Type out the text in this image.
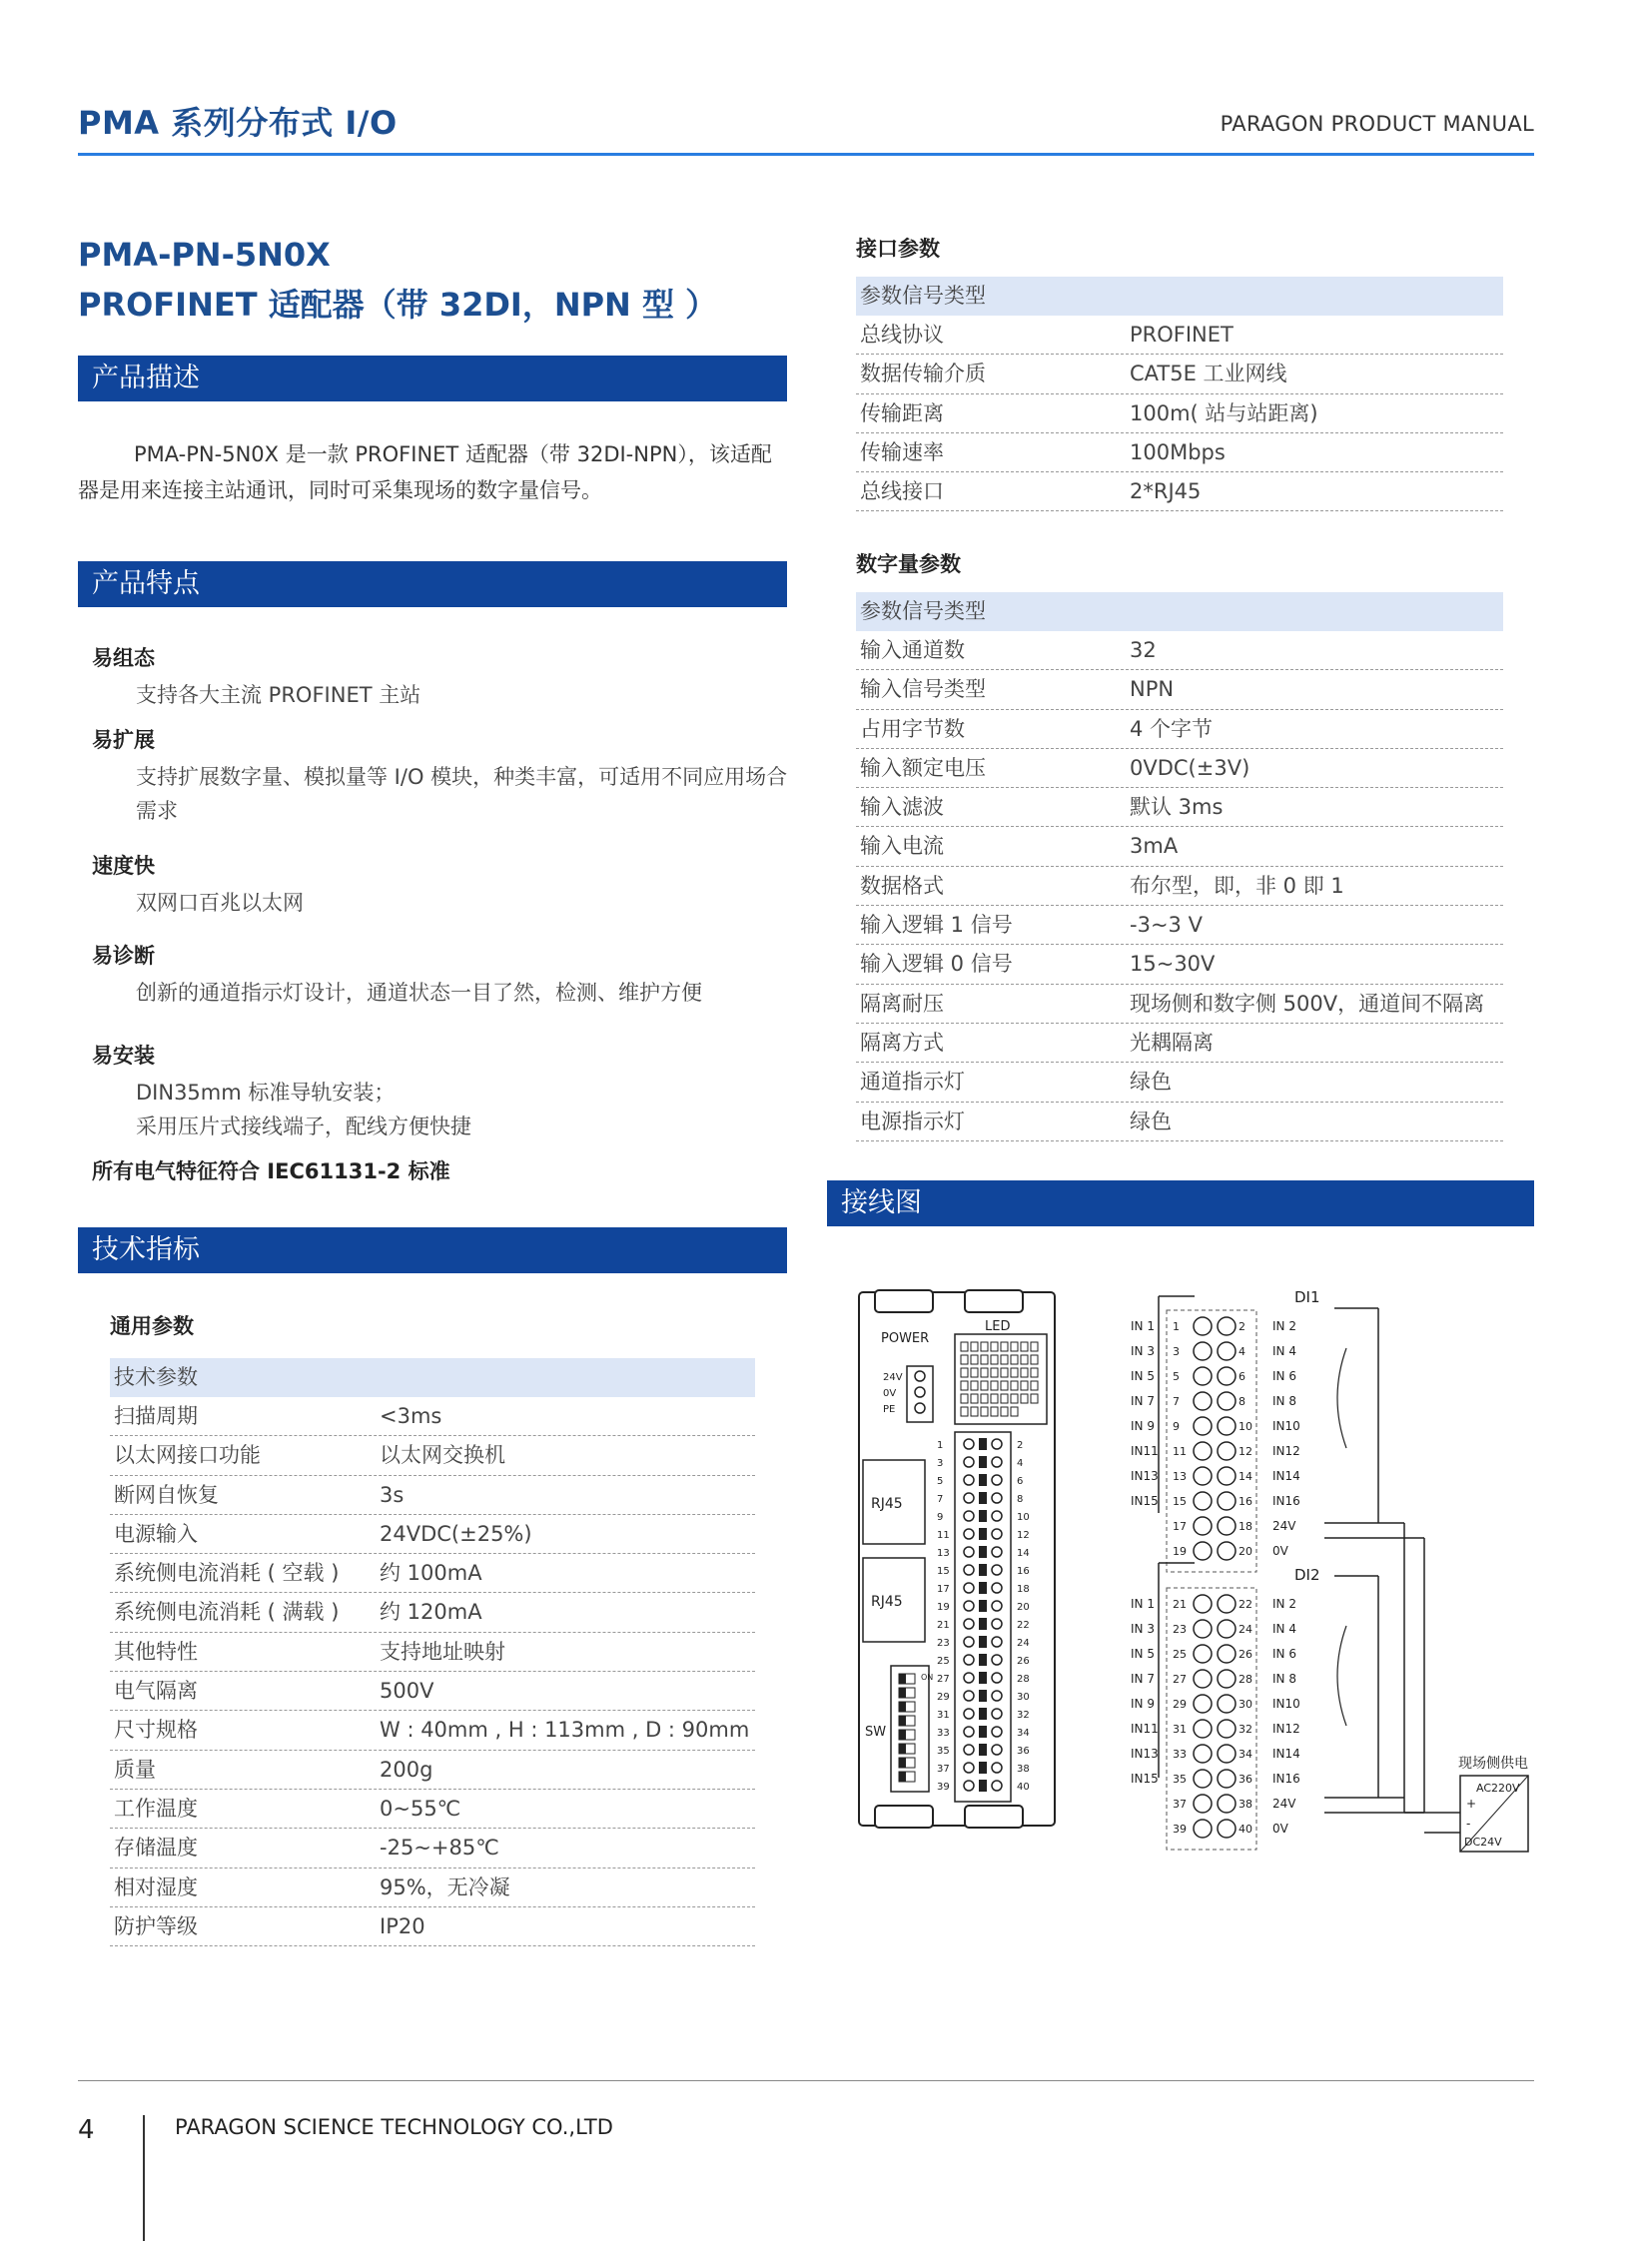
PMA 系列分布式 I/O	PARAGON PRODUCT MANUAL
PMA-PN-5N0X
PROFINET 适配器（带 32DI，NPN 型 ）
产品描述
PMA-PN-5N0X 是一款 PROFINET 适配器（带 32DI-NPN），该适配器是用来连接主站通讯，同时可采集现场的数字量信号。
产品特点

易组态

支持各大主流 PROFINET 主站

易扩展

支持扩展数字量、模拟量等 I/O 模块，种类丰富，可适用不同应用场合需求

速度快

双网口百兆以太网

易诊断

创新的通道指示灯设计，通道状态一目了然，检测、维护方便

易安装

DIN35mm 标准导轨安装；

采用压片式接线端子，配线方便快捷

所有电气特征符合 IEC61131-2 标准
技术指标
通用参数
技术参数
扫描周期	<3ms
以太网接口功能	以太网交换机
断网自恢复	3s
电源输入	24VDC(±25%)
系统侧电流消耗 ( 空载 )	约 100mA
系统侧电流消耗 ( 满载 )	约 120mA
其他特性	支持地址映射
电气隔离	500V
尺寸规格	W : 40mm , H : 113mm , D : 90mm
质量	200g
工作温度	0~55℃
存储温度	-25~+85℃
相对湿度	95%，无冷凝
防护等级	IP20
接口参数
参数信号类型
总线协议	PROFINET
数据传输介质	CAT5E 工业网线
传输距离	100m( 站与站距离)
传输速率	100Mbps
总线接口	2*RJ45
数字量参数
参数信号类型
输入通道数	32
输入信号类型	NPN
占用字节数	4 个字节
输入额定电压	0VDC(±3V)
输入滤波	默认 3ms
输入电流	3mA
数据格式	布尔型，即，非 0 即 1
输入逻辑 1 信号	-3~3 V
输入逻辑 0 信号	15~30V
隔离耐压	现场侧和数字侧 500V，通道间不隔离
隔离方式	光耦隔离
通道指示灯	绿色
电源指示灯	绿色
接线图
LED
POWER
24V
0V
PE
RJ45
RJ45
SW
ON
1	2
3	4
5	6
7	8
9	10
11	12
13	14
15	16
17	18
19	20
21	22
23	24
25	26
27	28
29	30
31	32
33	34
35	36
37	38
39	40
DI1
DI2
1	2
IN 1	IN 2
3	4
IN 3	IN 4
5	6
IN 5	IN 6
7	8
IN 7	IN 8
9	10
IN 9	IN10
11	12
IN11	IN12
13	14
IN13	IN14
15	16
IN15	IN16
17	18 24V
19	20 0V
21	22
IN 1	IN 2
23	24
IN 3	IN 4
25	26
IN 5	IN 6
27	28
IN 7	IN 8
29	30
IN 9	IN10
31	32
IN11	IN12
33	34
IN13	IN14
35	36
IN15	IN16
37	38 24V
39	40 0V
现场侧供电
AC220V
DC24V
+
-
4	PARAGON SCIENCE TECHNOLOGY CO.,LTD
